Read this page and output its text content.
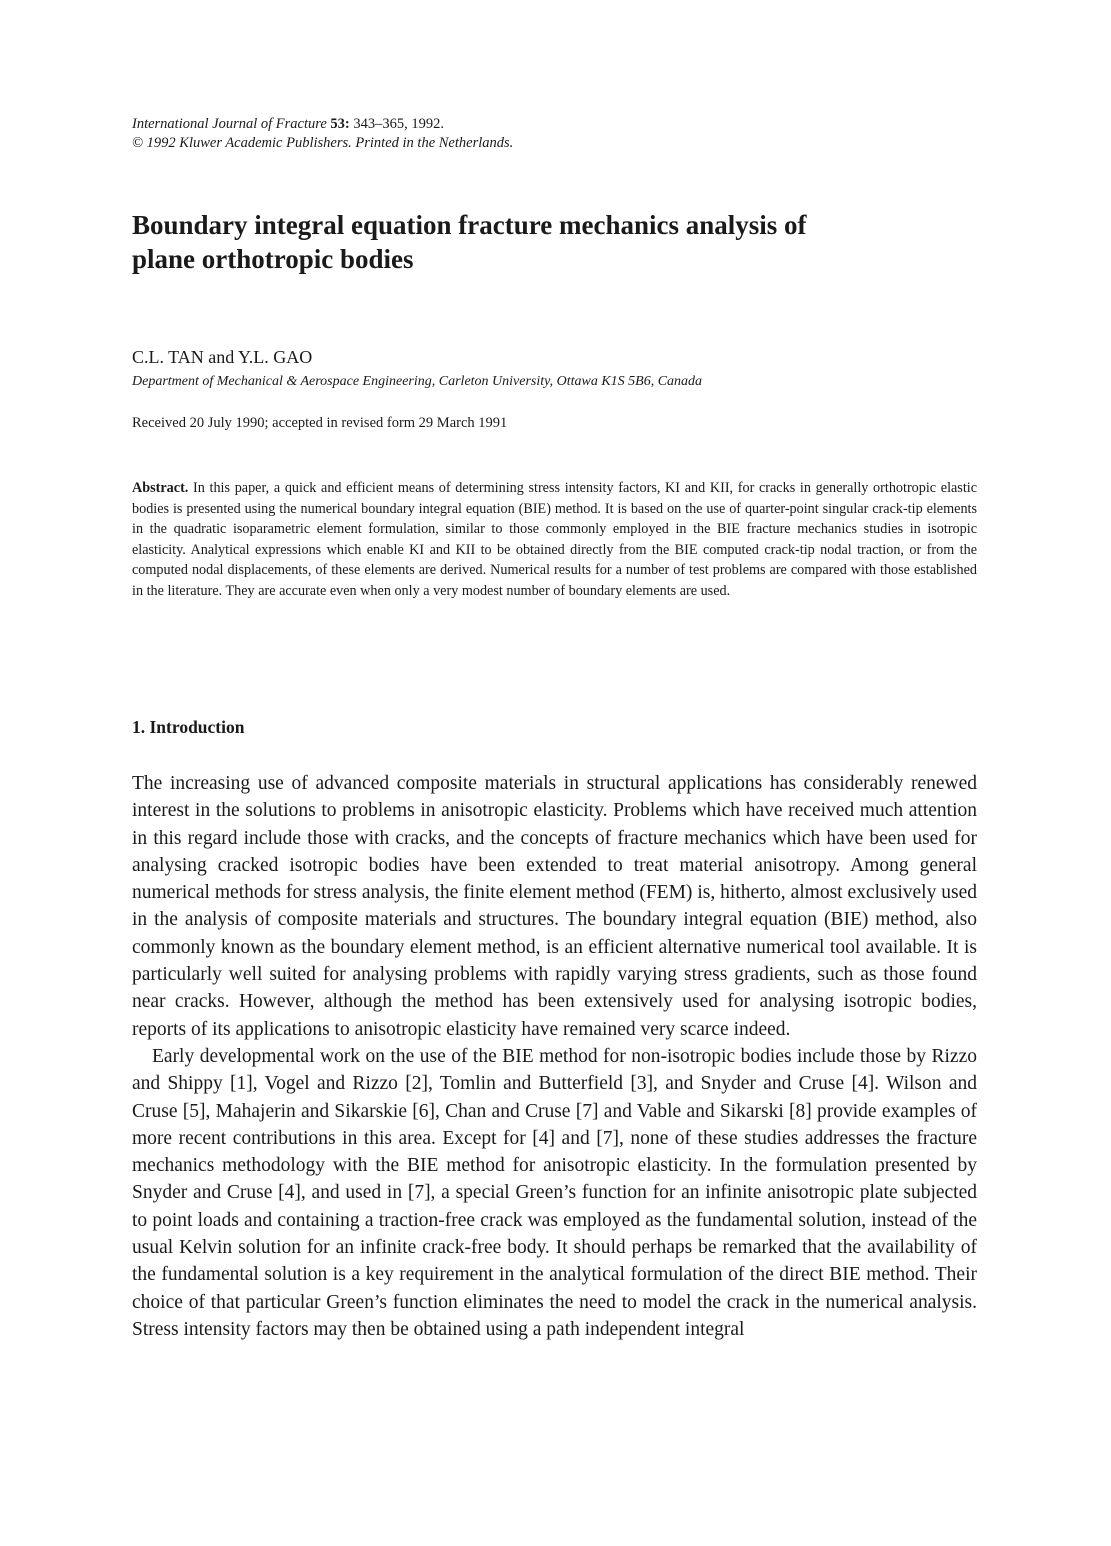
International Journal of Fracture 53: 343–365, 1992.
© 1992 Kluwer Academic Publishers. Printed in the Netherlands.
Boundary integral equation fracture mechanics analysis of
plane orthotropic bodies
C.L. TAN and Y.L. GAO
Department of Mechanical & Aerospace Engineering, Carleton University, Ottawa K1S 5B6, Canada
Received 20 July 1990; accepted in revised form 29 March 1991
Abstract. In this paper, a quick and efficient means of determining stress intensity factors, KI and KII, for cracks in generally orthotropic elastic bodies is presented using the numerical boundary integral equation (BIE) method. It is based on the use of quarter-point singular crack-tip elements in the quadratic isoparametric element formulation, similar to those commonly employed in the BIE fracture mechanics studies in isotropic elasticity. Analytical expressions which enable KI and KII to be obtained directly from the BIE computed crack-tip nodal traction, or from the computed nodal displacements, of these elements are derived. Numerical results for a number of test problems are compared with those established in the literature. They are accurate even when only a very modest number of boundary elements are used.
1. Introduction

The increasing use of advanced composite materials in structural applications has considerably renewed interest in the solutions to problems in anisotropic elasticity. Problems which have received much attention in this regard include those with cracks, and the concepts of fracture mechanics which have been used for analysing cracked isotropic bodies have been extended to treat material anisotropy. Among general numerical methods for stress analysis, the finite element method (FEM) is, hitherto, almost exclusively used in the analysis of composite materials and structures. The boundary integral equation (BIE) method, also commonly known as the boundary element method, is an efficient alternative numerical tool available. It is particularly well suited for analysing problems with rapidly varying stress gradients, such as those found near cracks. However, although the method has been extensively used for analysing isotropic bodies, reports of its applications to anisotropic elasticity have remained very scarce indeed.

Early developmental work on the use of the BIE method for non-isotropic bodies include those by Rizzo and Shippy [1], Vogel and Rizzo [2], Tomlin and Butterfield [3], and Snyder and Cruse [4]. Wilson and Cruse [5], Mahajerin and Sikarskie [6], Chan and Cruse [7] and Vable and Sikarski [8] provide examples of more recent contributions in this area. Except for [4] and [7], none of these studies addresses the fracture mechanics methodology with the BIE method for anisotropic elasticity. In the formulation presented by Snyder and Cruse [4], and used in [7], a special Green’s function for an infinite anisotropic plate subjected to point loads and containing a traction-free crack was employed as the fundamental solution, instead of the usual Kelvin solution for an infinite crack-free body. It should perhaps be remarked that the availability of the fundamental solution is a key requirement in the analytical formulation of the direct BIE method. Their choice of that particular Green’s function eliminates the need to model the crack in the numerical analysis. Stress intensity factors may then be obtained using a path independent integral
